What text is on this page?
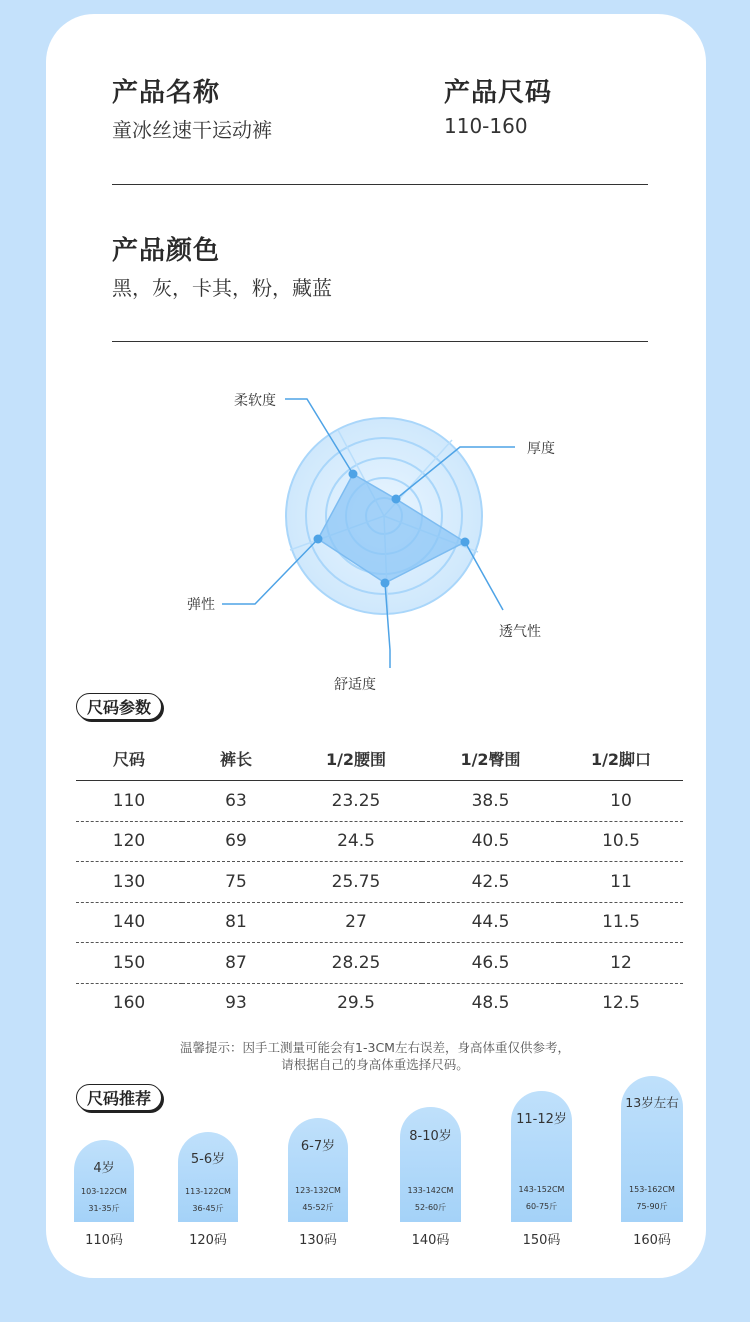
产品名称
童冰丝速干运动裤
产品尺码
110-160
产品颜色
黑，灰，卡其，粉，藏蓝
柔软度
厚度
弹性
透气性
舒适度
尺码参数
尺码	裤长	1/2腰围	1/2臀围	1/2脚口
110	63	23.25	38.5	10
120	69	24.5	40.5	10.5
130	75	25.75	42.5	11
140	81	27	44.5	11.5
150	87	28.25	46.5	12
160	93	29.5	48.5	12.5
温馨提示：因手工测量可能会有1-3CM左右误差，身高体重仅供参考，
请根据自己的身高体重选择尺码。
尺码推荐
4岁
103-122CM
31-35斤
110码
5-6岁
113-122CM
36-45斤
120码
6-7岁
123-132CM
45-52斤
130码
8-10岁
133-142CM
52-60斤
140码
11-12岁
143-152CM
60-75斤
150码
13岁左右
153-162CM
75-90斤
160码
